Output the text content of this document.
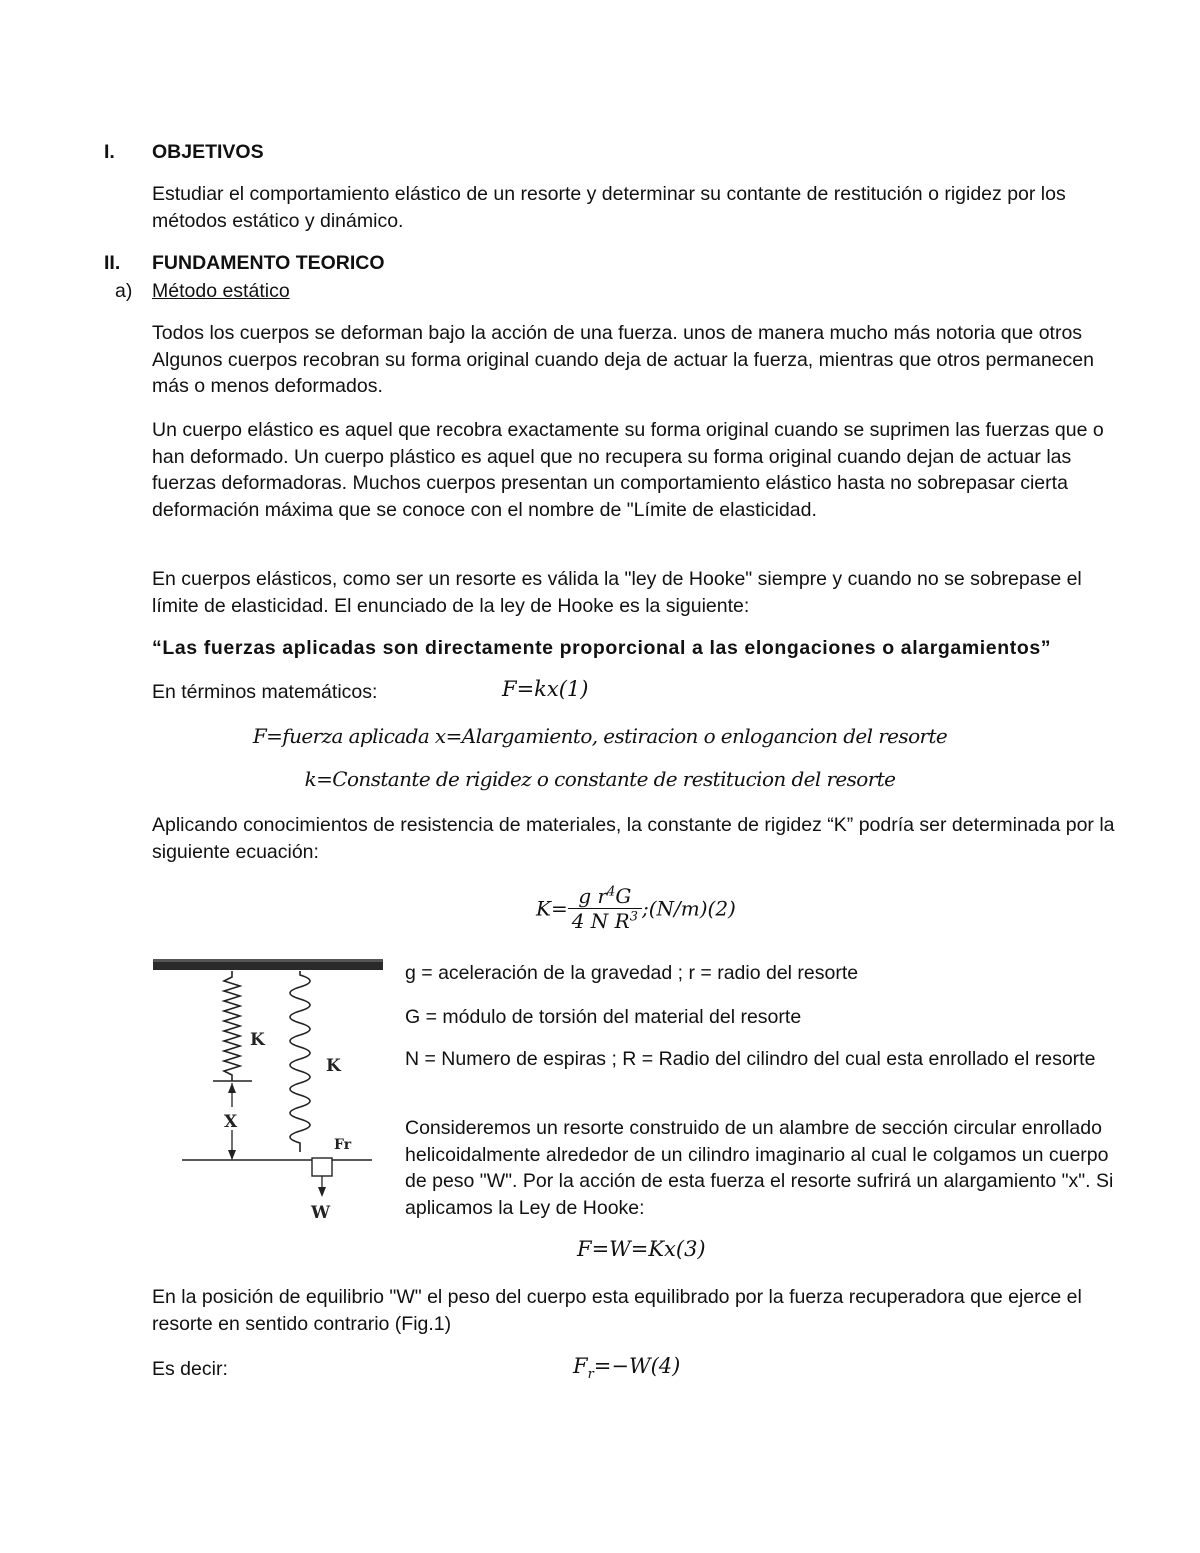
I. OBJETIVOS

Estudiar el comportamiento elástico de un resorte y determinar su contante de restitución o rigidez por los métodos estático y dinámico.

II. FUNDAMENTO TEORICO
a) Método estático

Todos los cuerpos se deforman bajo la acción de una fuerza. unos de manera mucho más notoria que otros Algunos cuerpos recobran su forma original cuando deja de actuar la fuerza, mientras que otros permanecen más o menos deformados.

Un cuerpo elástico es aquel que recobra exactamente su forma original cuando se suprimen las fuerzas que o han deformado. Un cuerpo plástico es aquel que no recupera su forma original cuando dejan de actuar las fuerzas deformadoras. Muchos cuerpos presentan un comportamiento elástico hasta no sobrepasar cierta deformación máxima que se conoce con el nombre de "Límite de elasticidad.

En cuerpos elásticos, como ser un resorte es válida la "ley de Hooke" siempre y cuando no se sobrepase el límite de elasticidad. El enunciado de la ley de Hooke es la siguiente:

“Las fuerzas aplicadas son directamente proporcional a las elongaciones o alargamientos”
En términos matemáticos:	F=kx(1)
F=fuerza aplicada x=Alargamiento, estiracion o enlogancion del resorte
k=Constante de rigidez o constante de restitucion del resorte

Aplicando conocimientos de resistencia de materiales, la constante de rigidez “K” podría ser determinada por la siguiente ecuación:

$K= \frac{g r^4G}{4 N R^3}$ ;(N/m)(2)
K
K
X
Fr
W
g = aceleración de la gravedad ; r = radio del resorte
G = módulo de torsión del material del resorte
N = Numero de espiras ; R = Radio del cilindro del cual esta enrollado el resorte
Consideremos un resorte construido de un alambre de sección circular enrollado helicoidalmente alrededor de un cilindro imaginario al cual le colgamos un cuerpo de peso "W". Por la acción de esta fuerza el resorte sufrirá un alargamiento "x". Si aplicamos la Ley de Hooke:
F=W=Kx(3)

En la posición de equilibrio "W" el peso del cuerpo esta equilibrado por la fuerza recuperadora que ejerce el resorte en sentido contrario (Fig.1)

Es decir:	$F_r=-W(4)$
